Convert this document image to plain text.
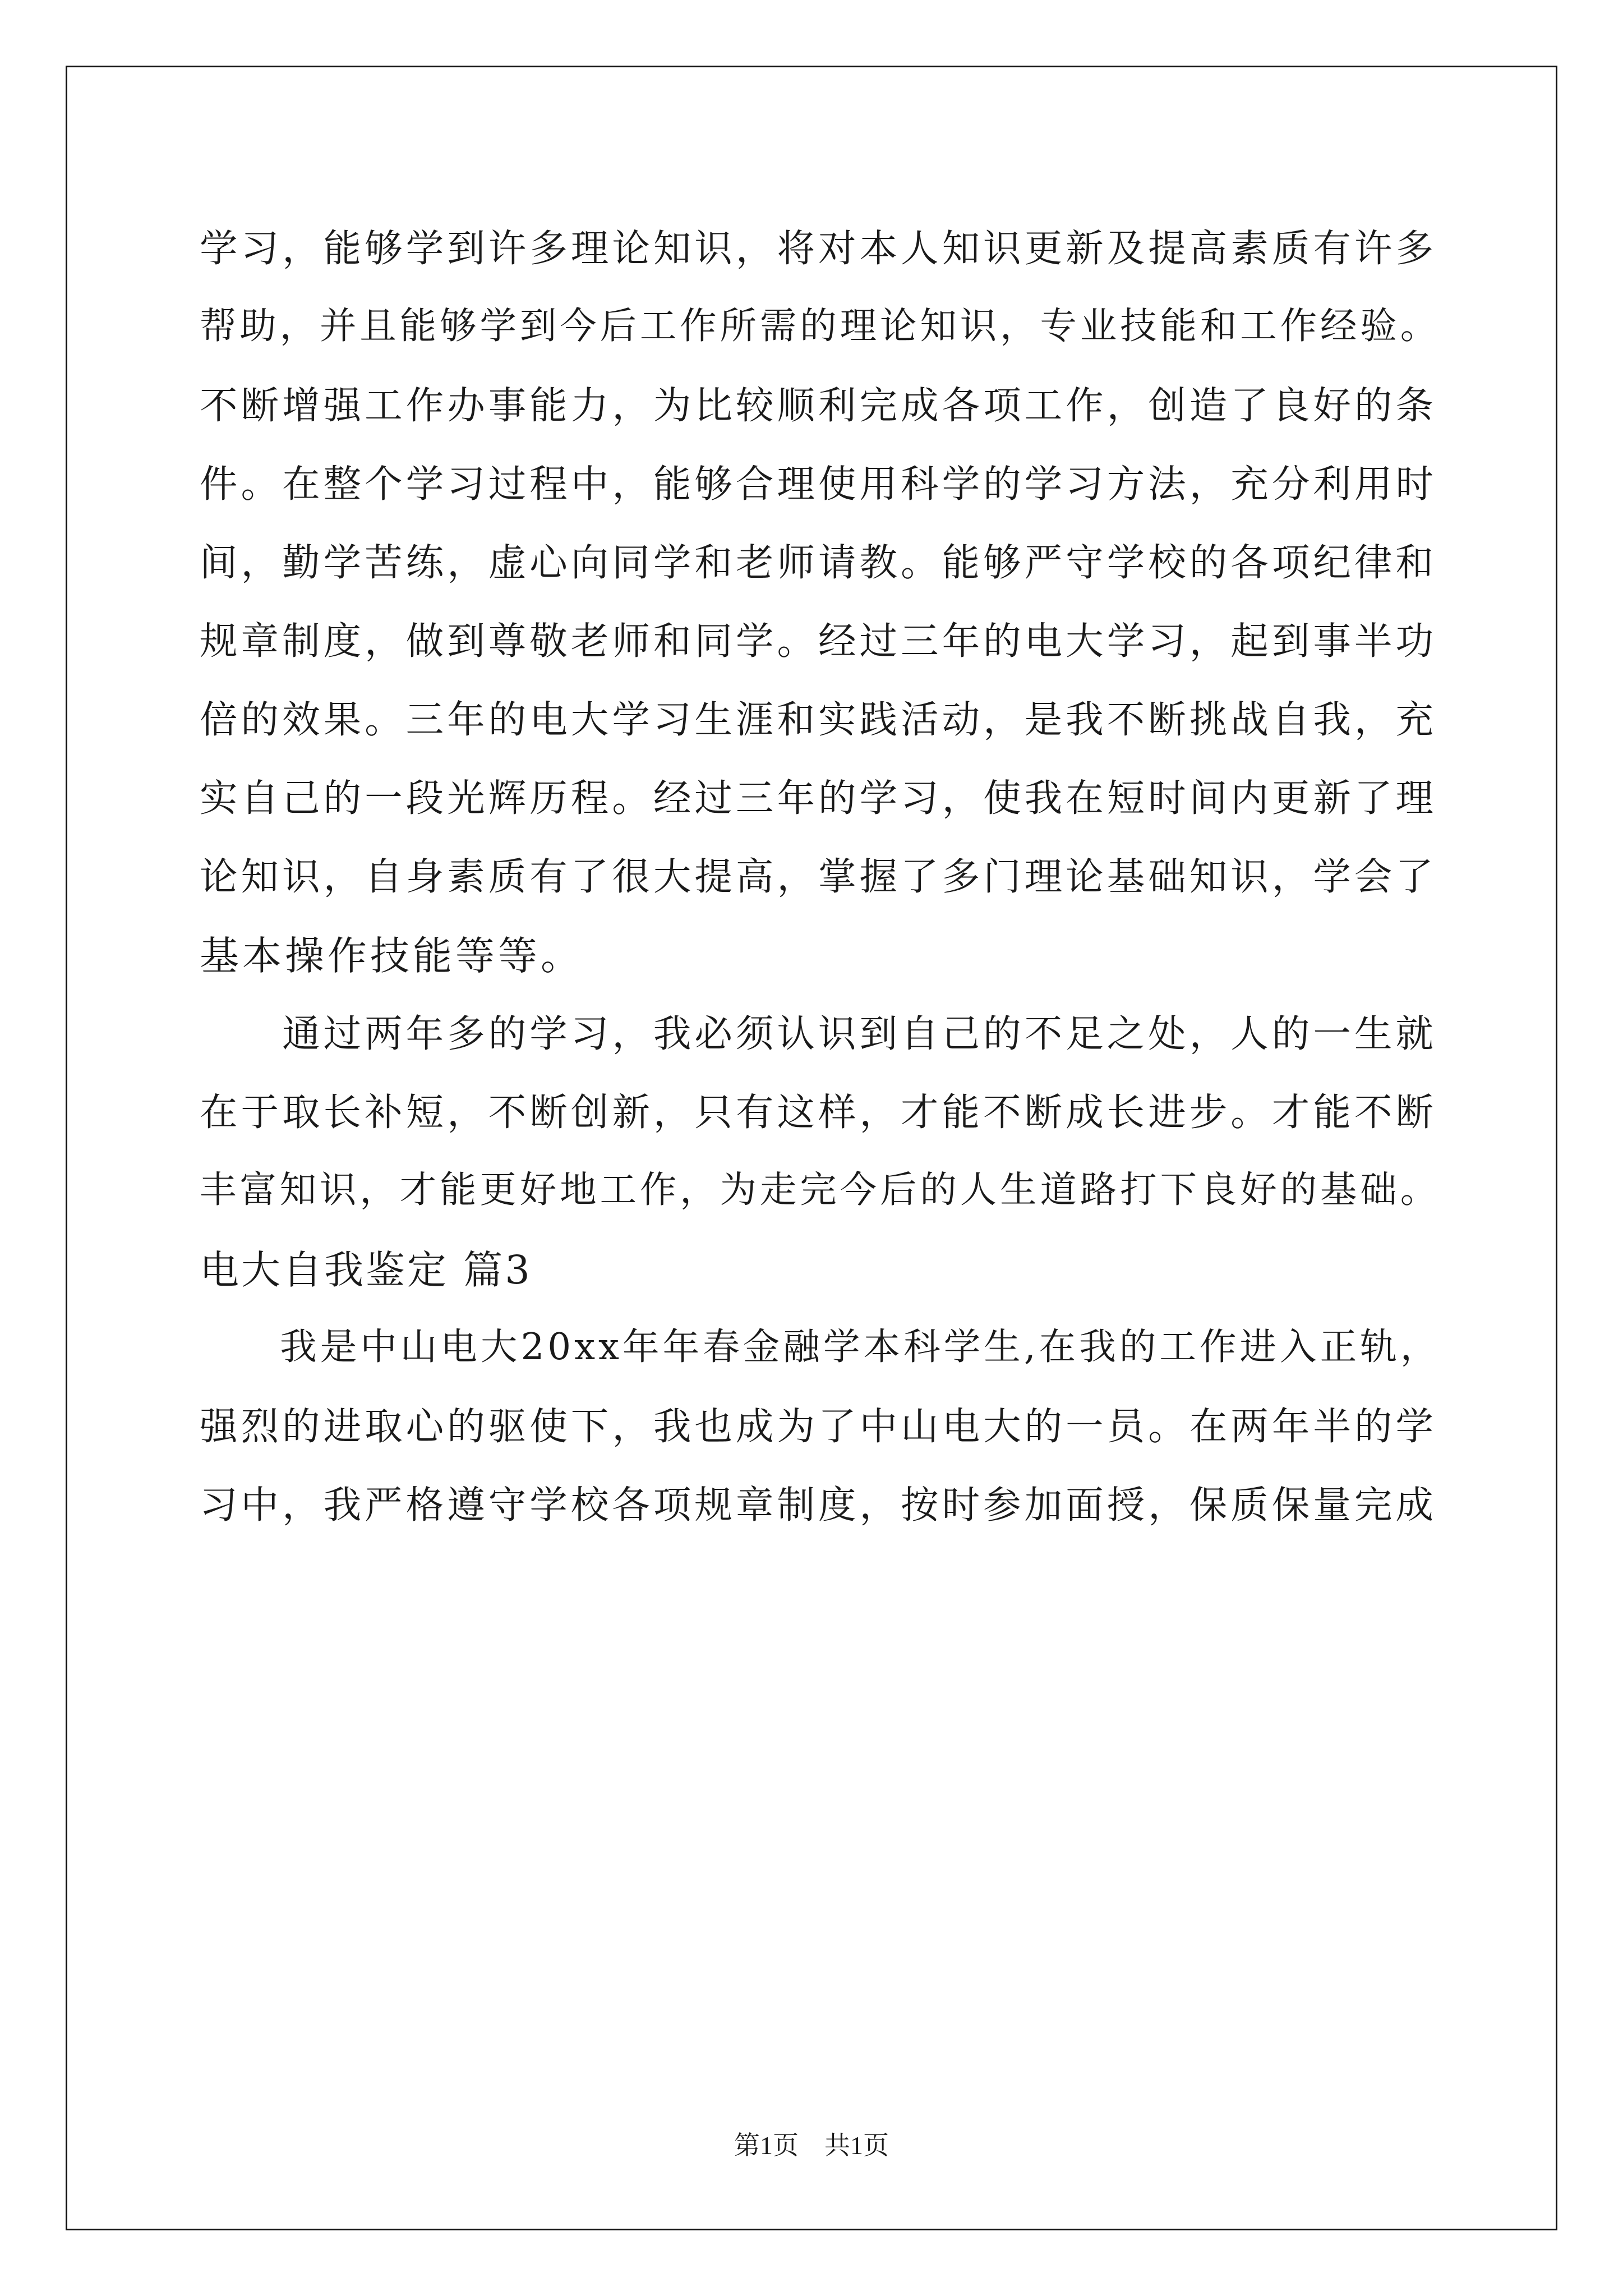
学习，能够学到许多理论知识，将对本人知识更新及提高素质有许多
帮助，并且能够学到今后工作所需的理论知识，专业技能和工作经验。
不断增强工作办事能力，为比较顺利完成各项工作，创造了良好的条
件。在整个学习过程中，能够合理使用科学的学习方法，充分利用时
间，勤学苦练，虚心向同学和老师请教。能够严守学校的各项纪律和
规章制度，做到尊敬老师和同学。经过三年的电大学习，起到事半功
倍的效果。三年的电大学习生涯和实践活动，是我不断挑战自我，充
实自己的一段光辉历程。经过三年的学习，使我在短时间内更新了理
论知识，自身素质有了很大提高，掌握了多门理论基础知识，学会了
基本操作技能等等。
　　通过两年多的学习，我必须认识到自己的不足之处，人的一生就
在于取长补短，不断创新，只有这样，才能不断成长进步。才能不断
丰富知识，才能更好地工作，为走完今后的人生道路打下良好的基础。
电大自我鉴定 篇3
　　我是中山电大20xx年年春金融学本科学生,在我的工作进入正轨，
强烈的进取心的驱使下，我也成为了中山电大的一员。在两年半的学
习中，我严格遵守学校各项规章制度，按时参加面授，保质保量完成
第1页　共1页
